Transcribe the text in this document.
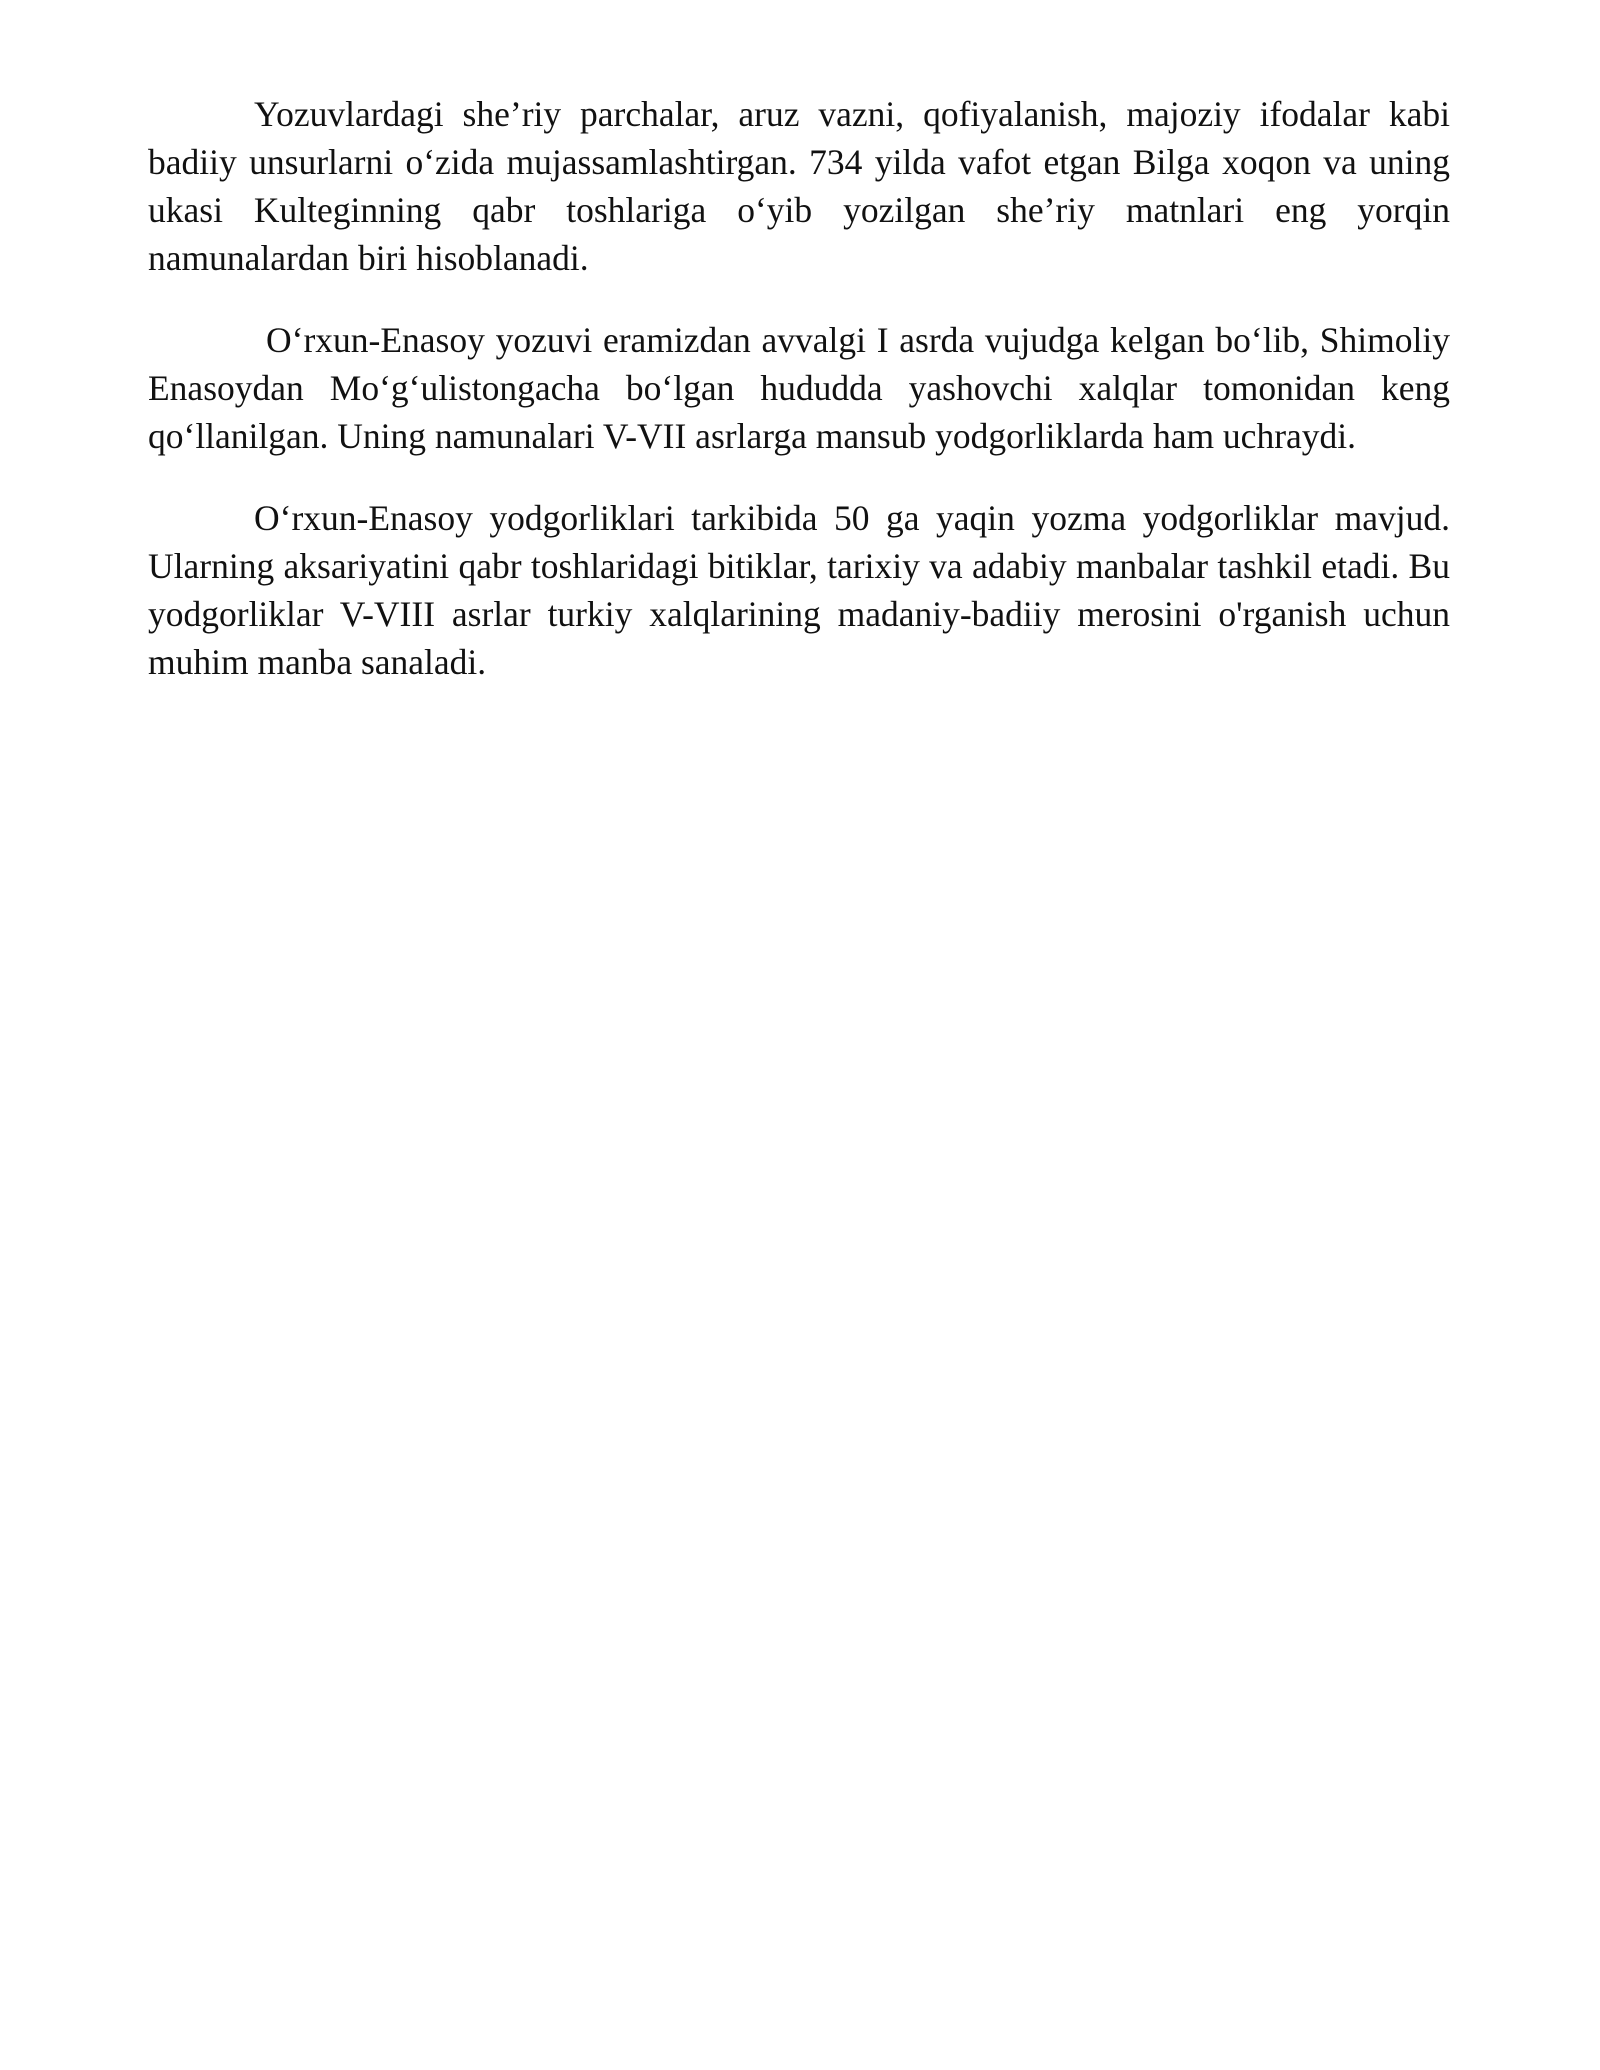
Yozuvlardagi she’riy parchalar, aruz vazni, qofiyalanish, majoziy ifodalar kabi badiiy unsurlarni o‘zida mujassamlashtirgan. 734 yilda vafot etgan Bilga xoqon va uning ukasi Kulteginning qabr toshlariga o‘yib yozilgan she’riy matnlari eng yorqin namunalardan biri hisoblanadi.

O‘rxun-Enasoy yozuvi eramizdan avvalgi I asrda vujudga kelgan bo‘lib, Shimoliy Enasoydan Mo‘g‘ulistongacha bo‘lgan hududda yashovchi xalqlar tomonidan keng qo‘llanilgan. Uning namunalari V-VII asrlarga mansub yodgorliklarda ham uchraydi.

O‘rxun-Enasoy yodgorliklari tarkibida 50 ga yaqin yozma yodgorliklar mavjud. Ularning aksariyatini qabr toshlaridagi bitiklar, tarixiy va adabiy manbalar tashkil etadi. Bu yodgorliklar V-VIII asrlar turkiy xalqlarining madaniy-badiiy merosini o'rganish uchun muhim manba sanaladi.
